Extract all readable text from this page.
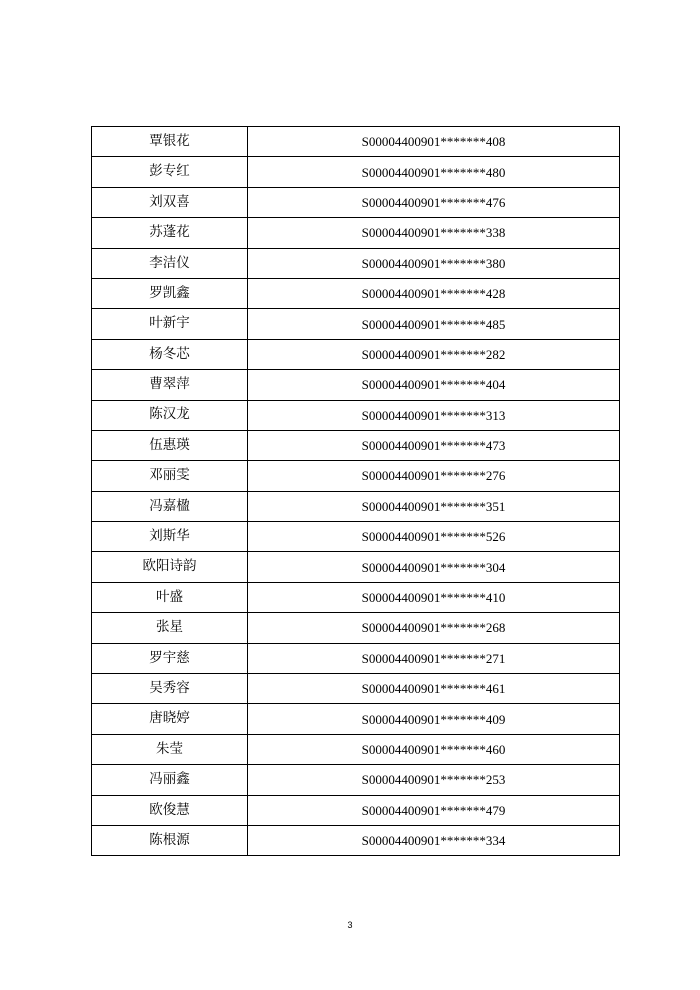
覃银花	S00004400901*******408
彭专红	S00004400901*******480
刘双喜	S00004400901*******476
苏蓬花	S00004400901*******338
李洁仪	S00004400901*******380
罗凯鑫	S00004400901*******428
叶新宇	S00004400901*******485
杨冬芯	S00004400901*******282
曹翠萍	S00004400901*******404
陈汉龙	S00004400901*******313
伍惠瑛	S00004400901*******473
邓丽雯	S00004400901*******276
冯嘉楹	S00004400901*******351
刘斯华	S00004400901*******526
欧阳诗韵	S00004400901*******304
叶盛	S00004400901*******410
张星	S00004400901*******268
罗宇慈	S00004400901*******271
吴秀容	S00004400901*******461
唐晓婷	S00004400901*******409
朱莹	S00004400901*******460
冯丽鑫	S00004400901*******253
欧俊慧	S00004400901*******479
陈根源	S00004400901*******334
3
